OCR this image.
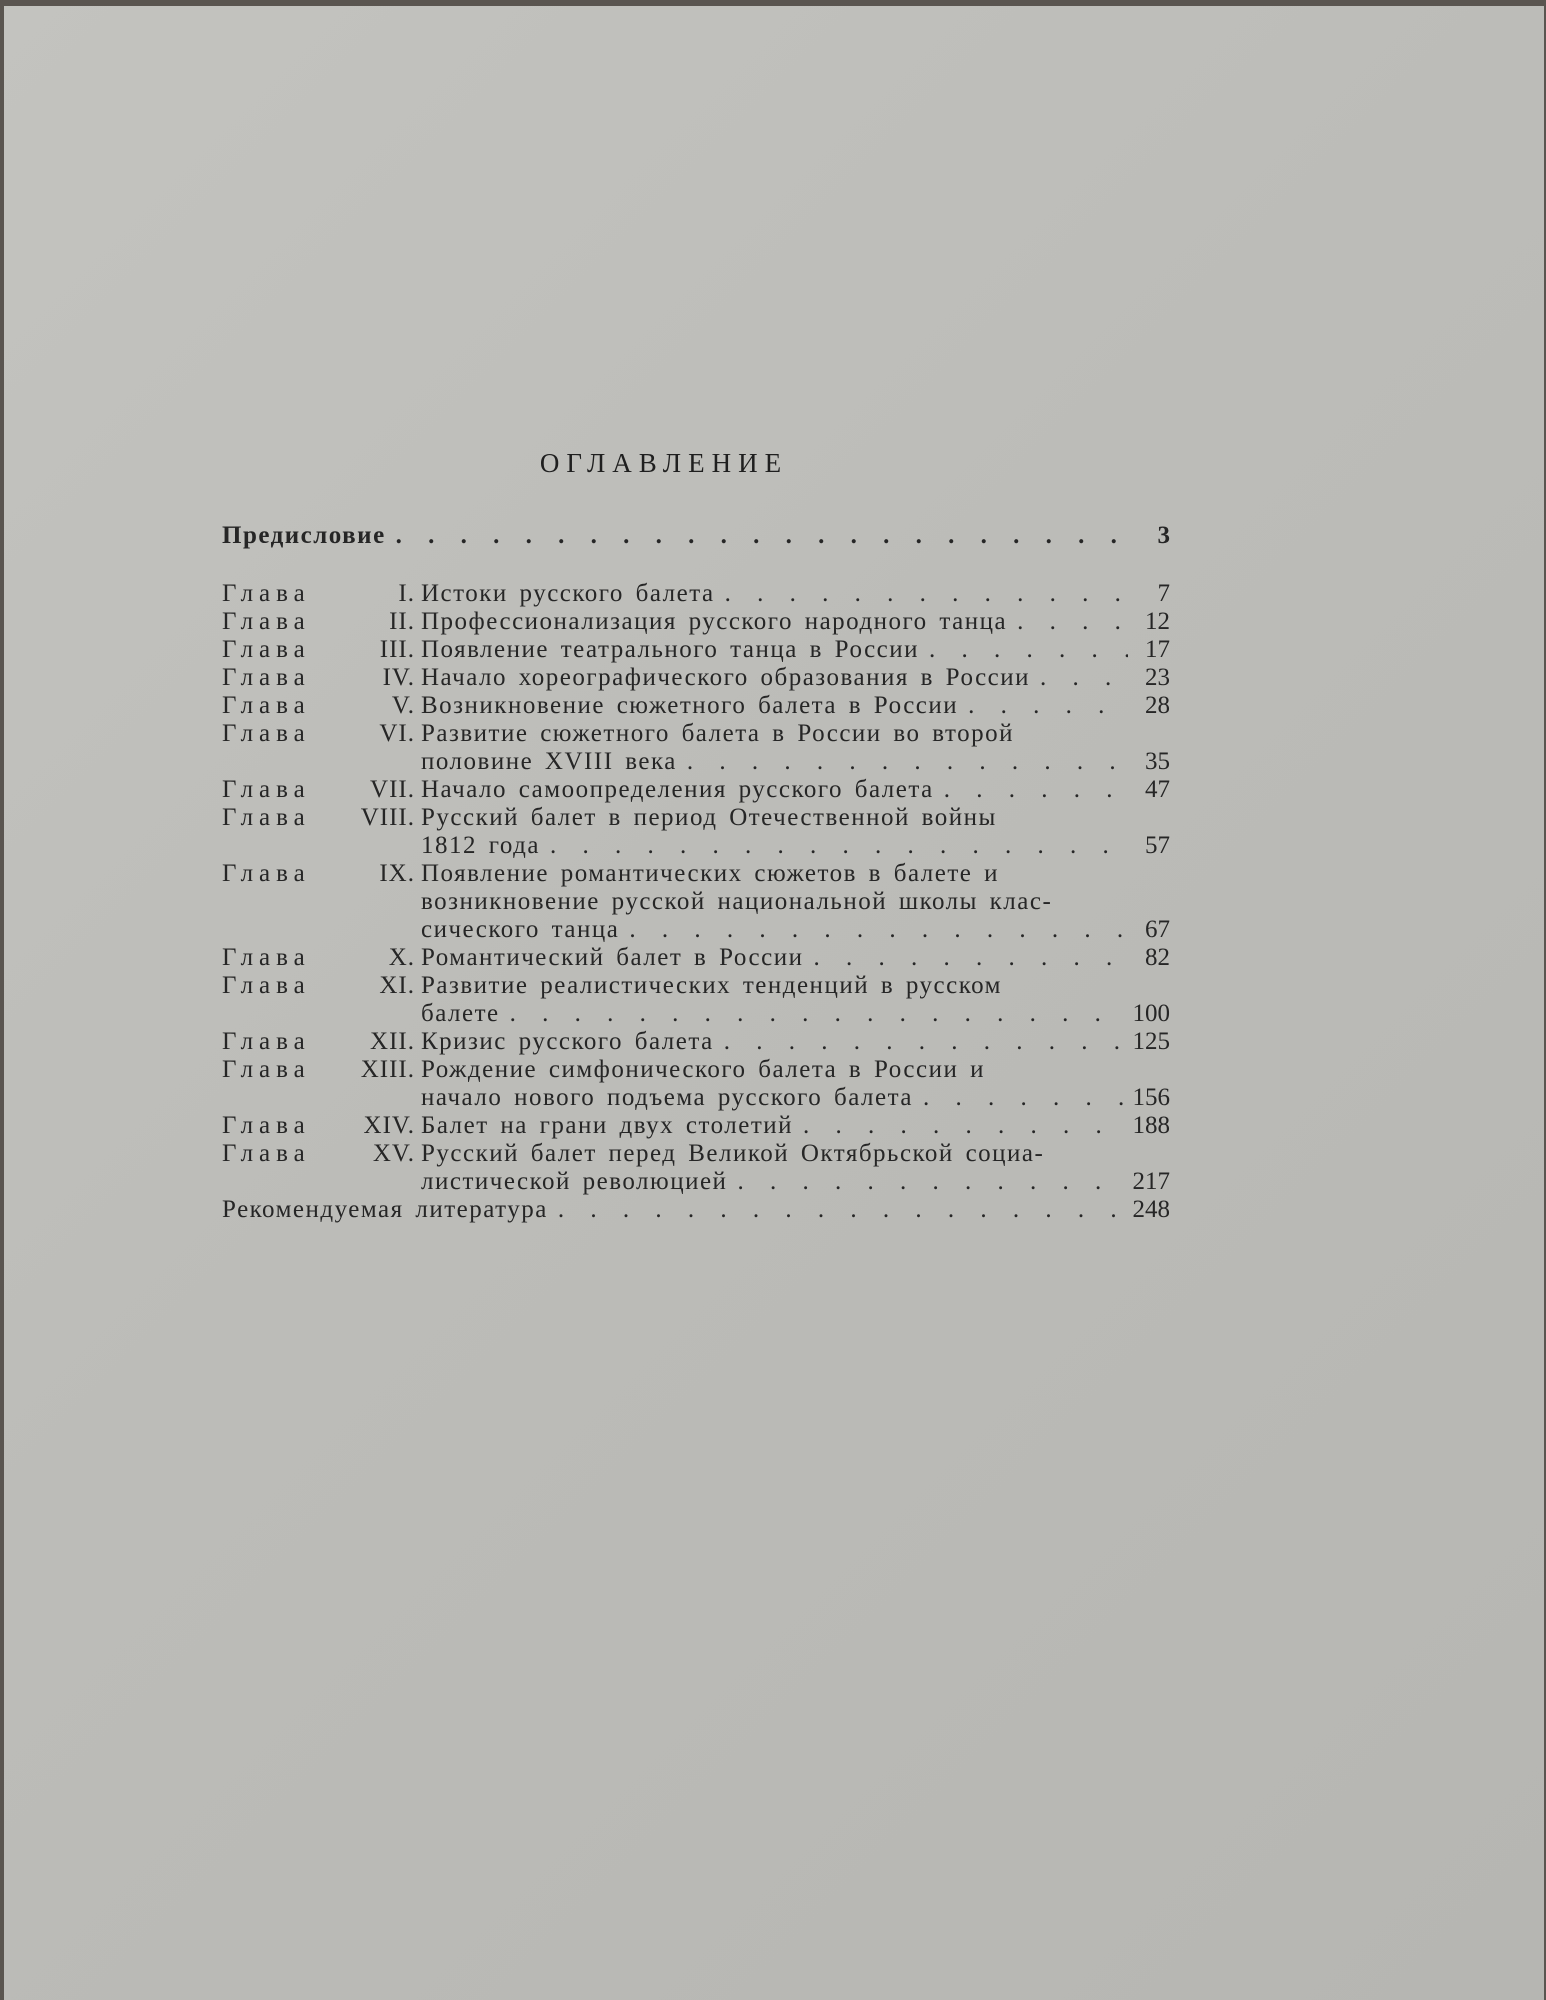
ОГЛАВЛЕНИЕ
Предисловие . . .	3
Глава	I. Истоки русского балета . . .	7
Глава	II. Профессионализация русского народного танца . . .	12
Глава	III. Появление театрального танца в России . . .	17
Глава	IV. Начало хореографического образования в России . . .	23
Глава	V. Возникновение сюжетного балета в России . . .	28
Глава	VI. Развитие сюжетного балета в России во второй
половине XVIII века . . .	35
Глава	VII. Начало самоопределения русского балета . . .	47
Глава	VIII. Русский балет в период Отечественной войны
1812 года . . .	57
Глава	IX. Появление романтических сюжетов в балете и
возникновение русской национальной школы клас-
сического танца . . .	67
Глава	X. Романтический балет в России . . .	82
Глава	XI. Развитие реалистических тенденций в русском
балете . . .	100
Глава	XII. Кризис русского балета . . .	125
Глава	XIII. Рождение симфонического балета в России и
начало нового подъема русского балета . . .	156
Глава	XIV. Балет на грани двух столетий . . .	188
Глава	XV. Русский балет перед Великой Октябрьской социа-
листической революцией . . .	217
Рекомендуемая литература . . .	248
